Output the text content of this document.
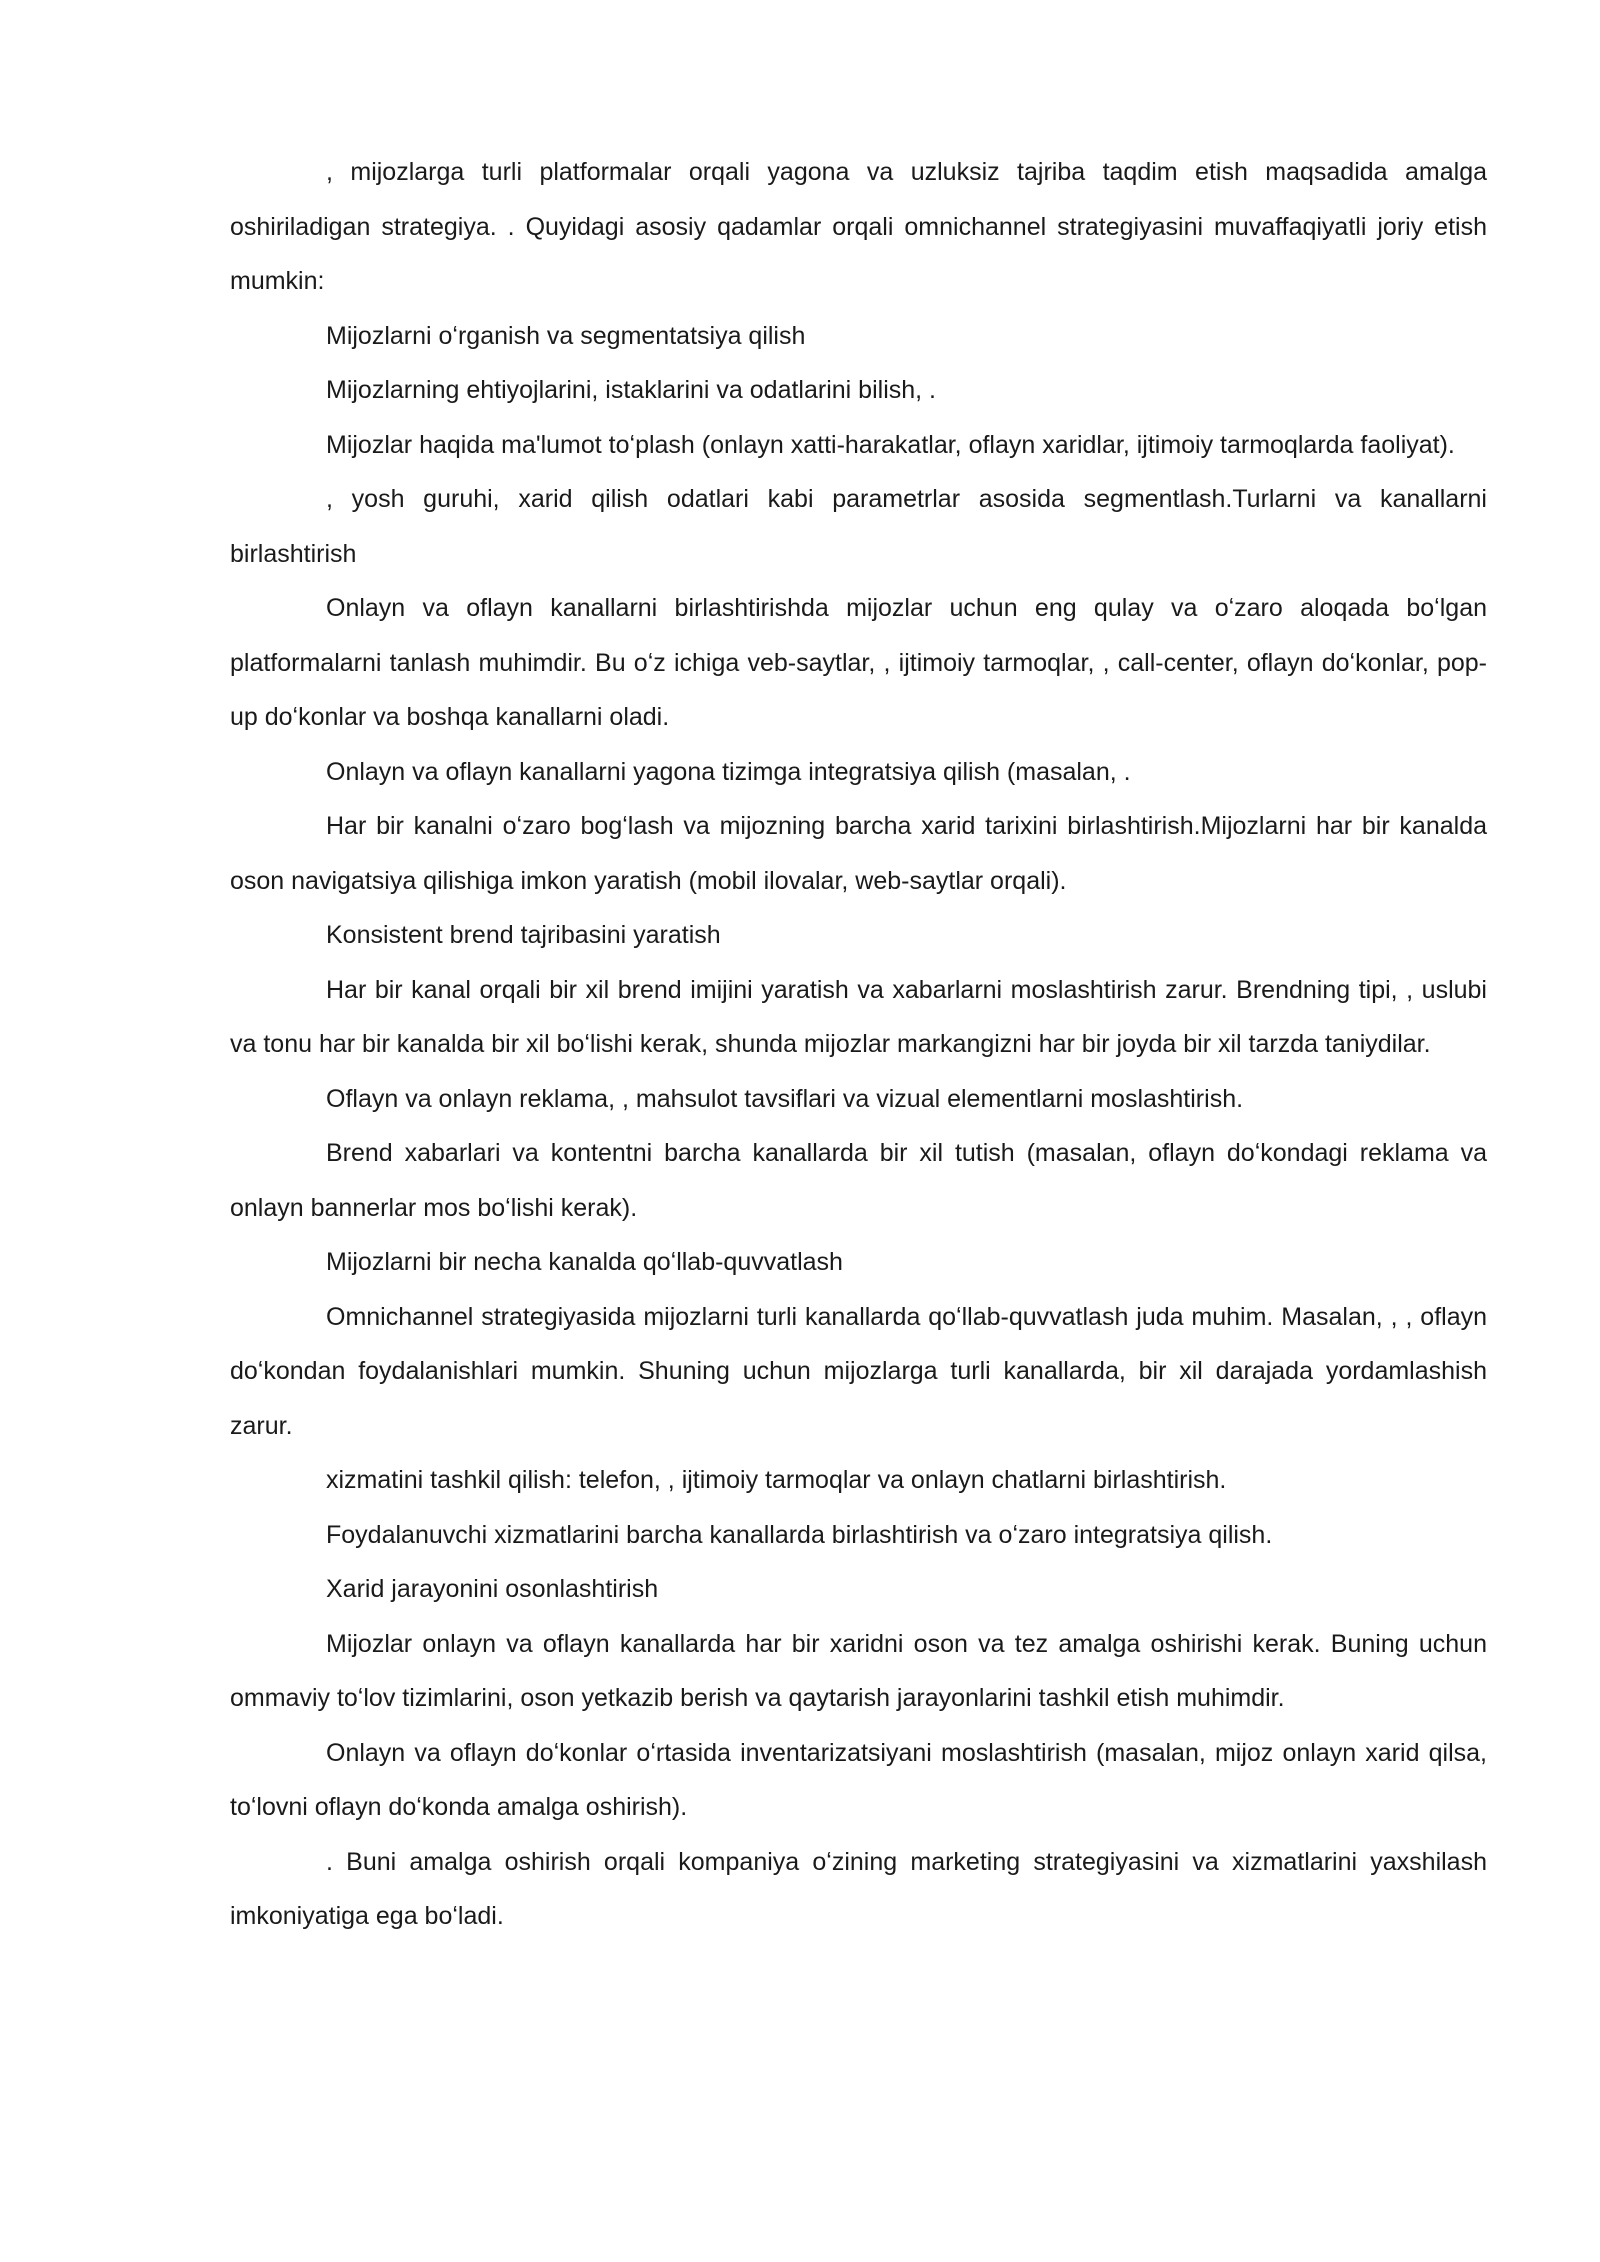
, mijozlarga turli platformalar orqali yagona va uzluksiz tajriba taqdim etish maqsadida amalga oshiriladigan strategiya. . Quyidagi asosiy qadamlar orqali omnichannel strategiyasini muvaffaqiyatli joriy etish mumkin:

Mijozlarni oʻrganish va segmentatsiya qilish

Mijozlarning ehtiyojlarini, istaklarini va odatlarini bilish, .

Mijozlar haqida ma'lumot toʻplash (onlayn xatti-harakatlar, oflayn xaridlar, ijtimoiy tarmoqlarda faoliyat).

, yosh guruhi, xarid qilish odatlari kabi parametrlar asosida segmentlash.Turlarni va kanallarni birlashtirish

Onlayn va oflayn kanallarni birlashtirishda mijozlar uchun eng qulay va oʻzaro aloqada boʻlgan platformalarni tanlash muhimdir. Bu oʻz ichiga veb-saytlar, , ijtimoiy tarmoqlar, , call-center, oflayn doʻkonlar, pop-up doʻkonlar va boshqa kanallarni oladi.

Onlayn va oflayn kanallarni yagona tizimga integratsiya qilish (masalan, .

Har bir kanalni oʻzaro bogʻlash va mijozning barcha xarid tarixini birlashtirish.Mijozlarni har bir kanalda oson navigatsiya qilishiga imkon yaratish (mobil ilovalar, web-saytlar orqali).

Konsistent brend tajribasini yaratish

Har bir kanal orqali bir xil brend imijini yaratish va xabarlarni moslashtirish zarur. Brendning tipi, , uslubi va tonu har bir kanalda bir xil boʻlishi kerak, shunda mijozlar markangizni har bir joyda bir xil tarzda taniydilar.

Oflayn va onlayn reklama, , mahsulot tavsiflari va vizual elementlarni moslashtirish.

Brend xabarlari va kontentni barcha kanallarda bir xil tutish (masalan, oflayn doʻkondagi reklama va onlayn bannerlar mos boʻlishi kerak).

Mijozlarni bir necha kanalda qoʻllab-quvvatlash

Omnichannel strategiyasida mijozlarni turli kanallarda qoʻllab-quvvatlash juda muhim. Masalan, , , oflayn doʻkondan foydalanishlari mumkin. Shuning uchun mijozlarga turli kanallarda, bir xil darajada yordamlashish zarur.

xizmatini tashkil qilish: telefon, , ijtimoiy tarmoqlar va onlayn chatlarni birlashtirish.

Foydalanuvchi xizmatlarini barcha kanallarda birlashtirish va oʻzaro integratsiya qilish.

Xarid jarayonini osonlashtirish

Mijozlar onlayn va oflayn kanallarda har bir xaridni oson va tez amalga oshirishi kerak. Buning uchun ommaviy toʻlov tizimlarini, oson yetkazib berish va qaytarish jarayonlarini tashkil etish muhimdir.

Onlayn va oflayn doʻkonlar oʻrtasida inventarizatsiyani moslashtirish (masalan, mijoz onlayn xarid qilsa, toʻlovni oflayn doʻkonda amalga oshirish).

. Buni amalga oshirish orqali kompaniya oʻzining marketing strategiyasini va xizmatlarini yaxshilash imkoniyatiga ega boʻladi.
